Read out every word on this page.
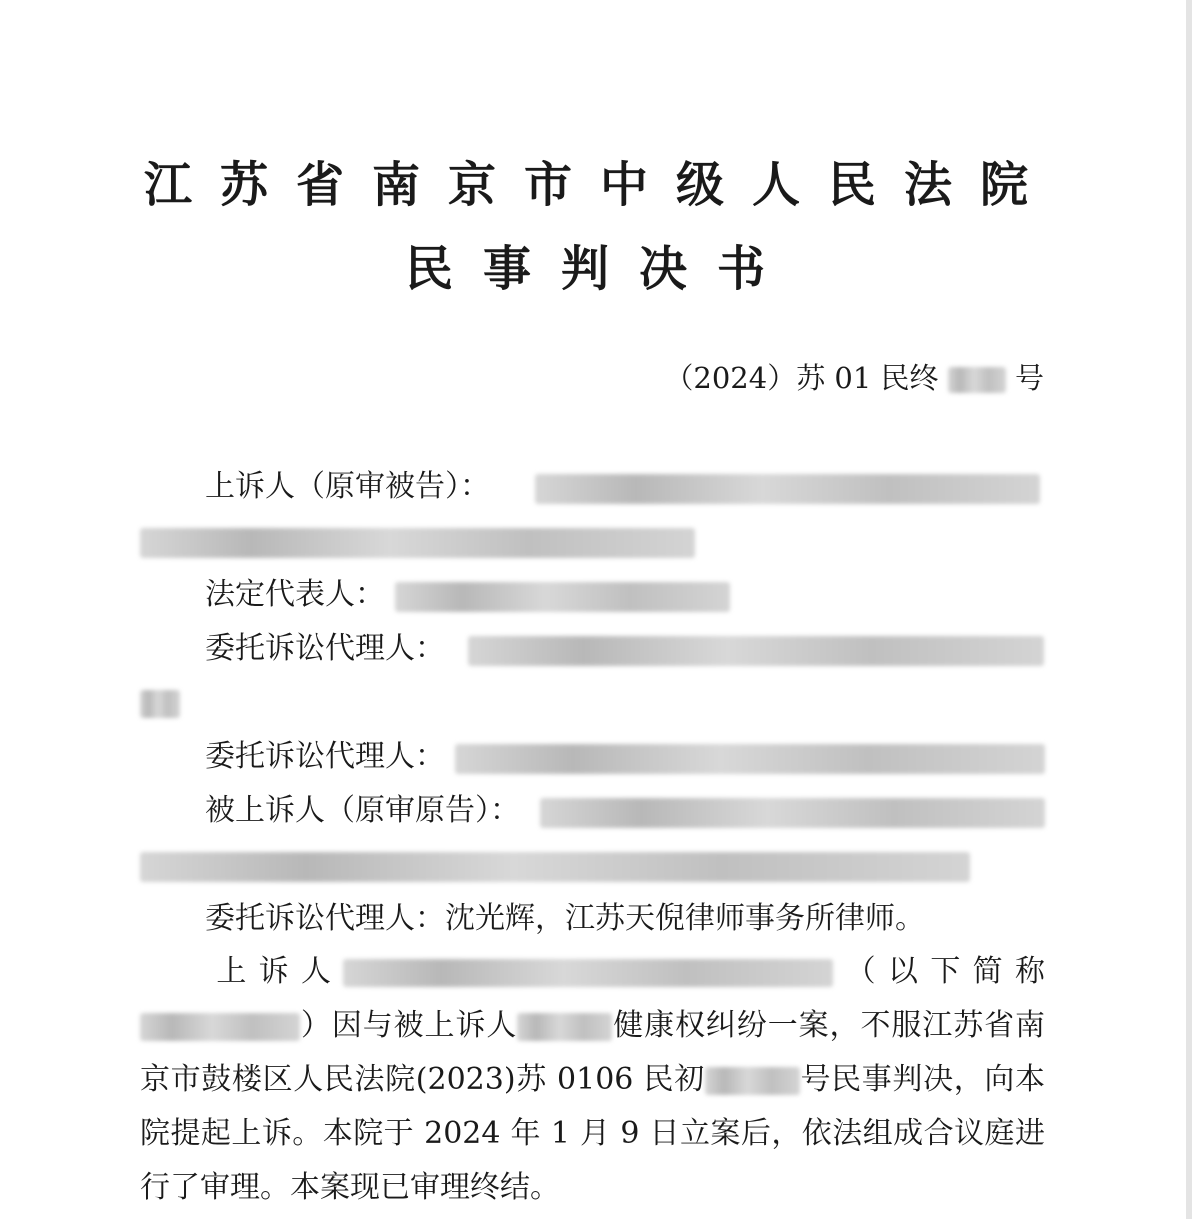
江苏省南京市中级人民法院
民事判决书
（2024）苏 01 民终	号
上诉人（原审被告）：
法定代表人：
委托诉讼代理人：
委托诉讼代理人：
被上诉人（原审原告）：
委托诉讼代理人：沈光辉，江苏天倪律师事务所律师。
上诉人	（以下简称）因与被上诉人	健康权纠纷一案，不服江苏省南京市鼓楼区人民法院(2023)苏 0106 民初	号民事判决，向本院提起上诉。本院于 2024 年 1 月 9 日立案后，依法组成合议庭进行了审理。本案现已审理终结。
